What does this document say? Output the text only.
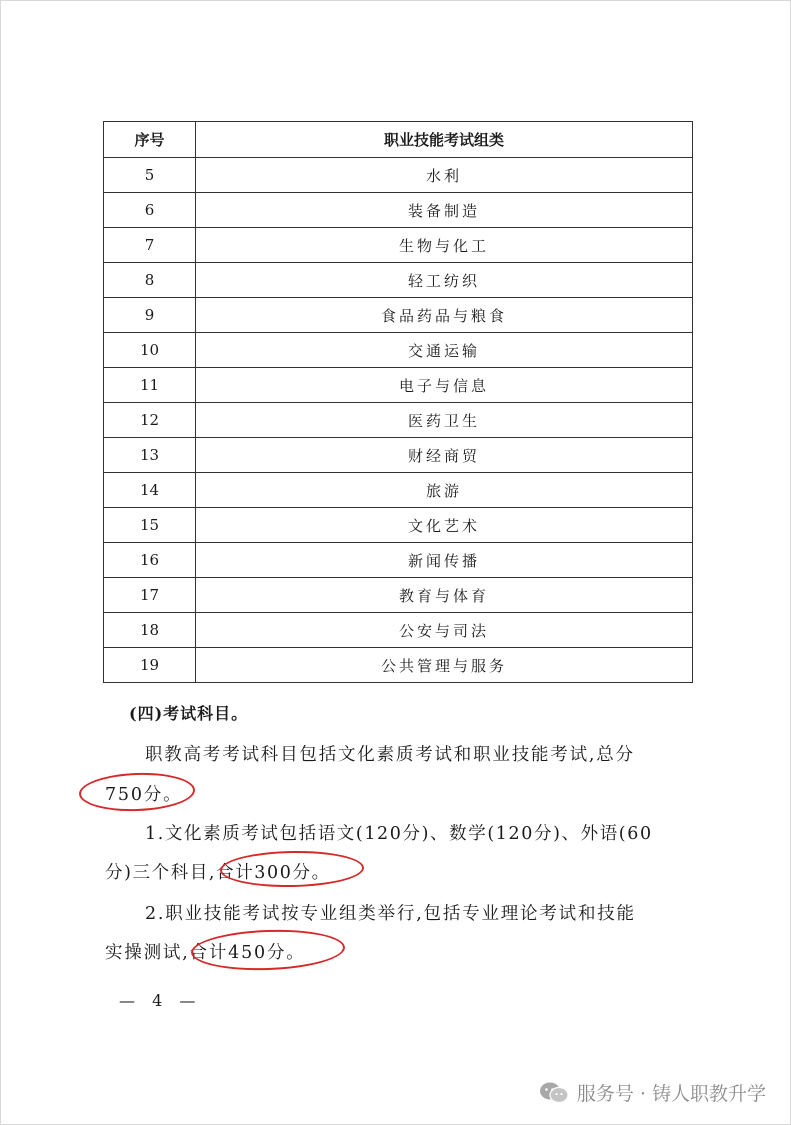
序号	职业技能考试组类
5	水利
6	装备制造
7	生物与化工
8	轻工纺织
9	食品药品与粮食
10	交通运输
11	电子与信息
12	医药卫生
13	财经商贸
14	旅游
15	文化艺术
16	新闻传播
17	教育与体育
18	公安与司法
19	公共管理与服务
(四)考试科目。
职教高考考试科目包括文化素质考试和职业技能考试,总分
750分。
1.文化素质考试包括语文(120分)、数学(120分)、外语(60
分)三个科目,合计300分。
2.职业技能考试按专业组类举行,包括专业理论考试和技能
实操测试,合计450分。
— 4 —
服务号 · 铸人职教升学
